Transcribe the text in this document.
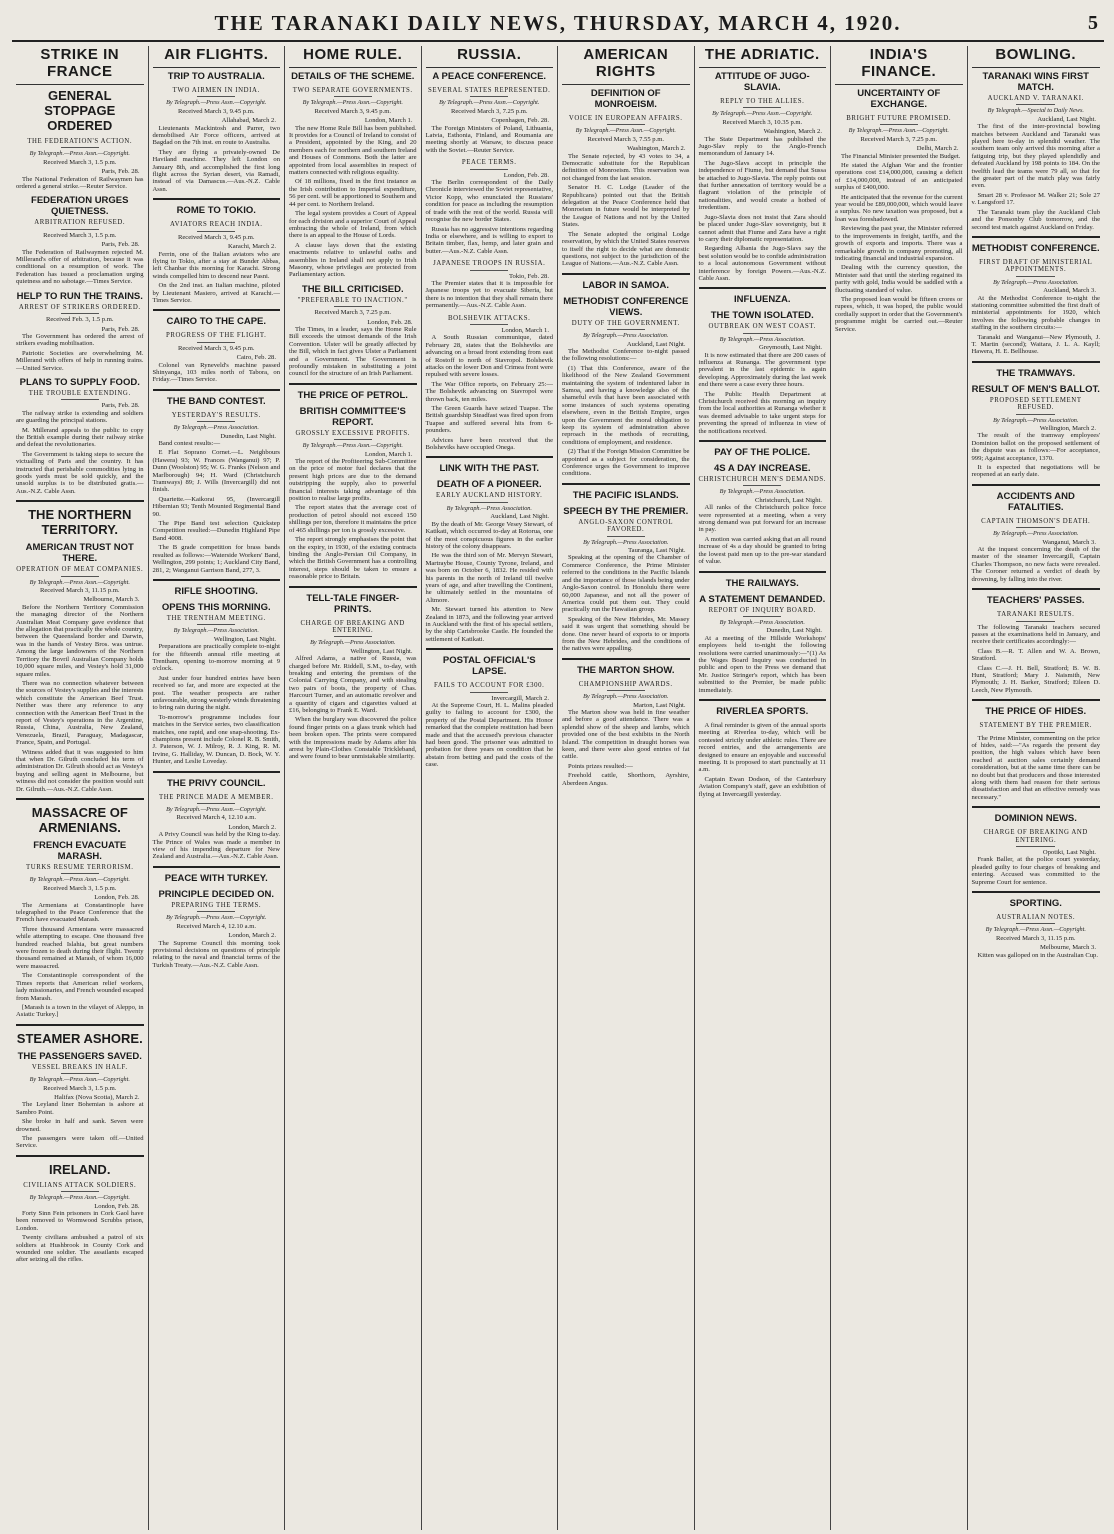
THE TARANAKI DAILY NEWS, THURSDAY, MARCH 4, 1920.	5
STRIKE IN FRANCE
GENERAL STOPPAGE ORDERED
THE FEDERATION'S ACTION.
By Telegraph.—Press Assn.—Copyright.
Received March 3, 1.5 p.m.
Paris, Feb. 28.
The National Federation of Railwaymen has ordered a general strike.—Reuter Service.
FEDERATION URGES QUIETNESS.
ARBITRATION REFUSED.
Received March 3, 1.5 p.m.
Paris, Feb. 28.
The Federation of Railwaymen rejected M. Millerand's offer of arbitration, because it was conditional on a resumption of work. The Federation has issued a proclamation urging quietness and no sabotage.—Times Service.
HELP TO RUN THE TRAINS.
ARREST OF STRIKERS ORDERED.
Received Feb. 3, 1.5 p.m.
Paris, Feb. 28.
The Government has ordered the arrest of strikers evading mobilisation.
Patriotic Societies are overwhelming M. Millerand with offers of help in running trains.—United Service.
PLANS TO SUPPLY FOOD.
THE TROUBLE EXTENDING.
Paris, Feb. 28.
The railway strike is extending and soldiers are guarding the principal stations.
M. Millerand appeals to the public to copy the British example during their railway strike and defeat the revolutionaries.
The Government is taking steps to secure the victualling of Paris and the country. It has instructed that perishable commodities lying in goods yards must be sold quickly, and the unsold surplus is to be distributed gratis.—Aus.-N.Z. Cable Assn.
THE NORTHERN TERRITORY.
AMERICAN TRUST NOT THERE.
OPERATION OF MEAT COMPANIES.
By Telegraph.—Press Assn.—Copyright.
Received March 3, 11.15 p.m.
Melbourne, March 3.
Before the Northern Territory Commission the managing director of the Northern Australian Meat Company gave evidence that the allegation that practically the whole country, between the Queensland border and Darwin, was in the hands of Vestey Bros. was untrue. Among the large landowners of the Northern Territory the Bovril Australian Company holds 10,000 square miles, and Vestey's hold 31,000 square miles.
There was no connection whatever between the sources of Vestey's supplies and the interests which constitute the American Beef Trust. Neither was there any reference to any connection with the American Beef Trust in the report of Vestey's operations in the Argentine, Russia, China, Australia, New Zealand, Venezuela, Brazil, Paraguay, Madagascar, France, Spain, and Portugal.
Witness added that it was suggested to him that when Dr. Gilruth concluded his term of administration Dr. Gilruth should act as Vestey's buying and selling agent in Melbourne, but witness did not consider the position would suit Dr. Gilruth.—Aus.-N.Z. Cable Assn.
MASSACRE OF ARMENIANS.
FRENCH EVACUATE MARASH.
TURKS RESUME TERRORISM.
By Telegraph.—Press Assn.—Copyright.
Received March 3, 1.5 p.m.
London, Feb. 28.
The Armenians at Constantinople have telegraphed to the Peace Conference that the French have evacuated Marash.
Three thousand Armenians were massacred while attempting to escape. One thousand five hundred reached Islahia, but great numbers were frozen to death during their flight. Twenty thousand remained at Marash, of whom 16,000 were massacred.
The Constantinople correspondent of the Times reports that American relief workers, lady missionaries, and French wounded escaped from Marash.
[Marash is a town in the vilayet of Aleppo, in Asiatic Turkey.]
STEAMER ASHORE.
THE PASSENGERS SAVED.
VESSEL BREAKS IN HALF.
By Telegraph.—Press Assn.—Copyright.
Received March 3, 1.5 p.m.
Halifax (Nova Scotia), March 2.
The Leyland liner Bohemian is ashore at Sambro Point.
She broke in half and sank. Seven were drowned.
The passengers were taken off.—United Service.
IRELAND.
CIVILIANS ATTACK SOLDIERS.
By Telegraph.—Press Assn.—Copyright.
London, Feb. 28.
Forty Sinn Fein prisoners in Cork Gaol have been removed to Wormwood Scrubbs prison, London.
Twenty civilians ambushed a patrol of six soldiers at Hushbrook in County Cork and wounded one soldier. The assailants escaped after seizing all the rifles.
AIR FLIGHTS.
TRIP TO AUSTRALIA.
TWO AIRMEN IN INDIA.
By Telegraph.—Press Assn.—Copyright.
Received March 3, 9.45 p.m.
Allahabad, March 2.
Lieutenants Mackintosh and Parrer, two demobilised Air Force officers, arrived at Bagdad on the 7th inst. en route to Australia.
They are flying a privately-owned De Haviland machine. They left London on January 8th, and accomplished the first long flight across the Syrian desert, via Ramadi, instead of via Damascus.—Aus.-N.Z. Cable Assn.
ROME TO TOKIO.
AVIATORS REACH INDIA.
Received March 3, 9.45 p.m.
Karachi, March 2.
Ferrin, one of the Italian aviators who are flying to Tokio, after a stay at Bunder Abbas, left Chanbar this morning for Karachi. Strong winds compelled him to descend near Pasni.
On the 2nd inst. an Italian machine, piloted by Lieutenant Masiero, arrived at Karachi.—Times Service.
CAIRO TO THE CAPE.
PROGRESS OF THE FLIGHT.
Received March 3, 9.45 p.m.
Cairo, Feb. 28.
Colonel van Ryneveld's machine passed Shinyanga, 103 miles north of Tabora, on Friday.—Times Service.
THE BAND CONTEST.
YESTERDAY'S RESULTS.
By Telegraph.—Press Association.
Dunedin, Last Night.
Band contest results:—
E Flat Soprano Cornet.—L. Neighbours (Hawera) 93; W. Frances (Wanganui) 97; P. Dunn (Woolston) 95; W. G. Franks (Nelson and Marlborough) 94; H. Ward (Christchurch Tramways) 89; J. Wills (Invercargill) did not finish.
Quartette.—Kaikorai 95, (Invercargill Hibernian 93; Tenth Mounted Regimental Band 90.
The Pipe Band test selection Quickstep Competition resulted:—Dunedin Highland Pipe Band 4008.
The B grade competition for brass bands resulted as follows:—Waterside Workers' Band, Wellington, 299 points; 1; Auckland City Band, 281, 2; Wanganui Garrison Band, 277, 3.
RIFLE SHOOTING.
OPENS THIS MORNING.
THE TRENTHAM MEETING.
By Telegraph.—Press Association.
Wellington, Last Night.
Preparations are practically complete to-night for the fifteenth annual rifle meeting at Trentham, opening to-morrow morning at 9 o'clock.
Just under four hundred entries have been received so far, and more are expected at the post. The weather prospects are rather unfavourable, strong westerly winds threatening to bring rain during the night.
To-morrow's programme includes four matches in the Service series, two classification matches, one rapid, and one snap-shooting. Ex-champions present include Colonel R. B. Smith, J. Paterson, W. J. Milroy, R. J. King, R. M. Irvine, G. Halliday, W. Duncan, D. Bock, W. Y. Hunter, and Leslie Loveday.
THE PRIVY COUNCIL.
THE PRINCE MADE A MEMBER.
By Telegraph.—Press Assn.—Copyright.
Received March 4, 12.10 a.m.
London, March 2.
A Privy Council was held by the King to-day. The Prince of Wales was made a member in view of his impending departure for New Zealand and Australia.—Aus.-N.Z. Cable Assn.
PEACE WITH TURKEY.
PRINCIPLE DECIDED ON.
PREPARING THE TERMS.
By Telegraph.—Press Assn.—Copyright.
Received March 4, 12.10 a.m.
London, March 2.
The Supreme Council this morning took provisional decisions on questions of principle relating to the naval and financial terms of the Turkish Treaty.—Aus.-N.Z. Cable Assn.
HOME RULE.
DETAILS OF THE SCHEME.
TWO SEPARATE GOVERNMENTS.
By Telegraph.—Press Assn.—Copyright.
Received March 3, 9.45 p.m.
London, March 1.
The new Home Rule Bill has been published. It provides for a Council of Ireland to consist of a President, appointed by the King, and 20 members each for northern and southern Ireland and Houses of Commons. Both the latter are appointed from local assemblies in respect of matters connected with religious equality.
Of 18 millions, fixed in the first instance as the Irish contribution to Imperial expenditure, 56 per cent. will be apportioned to Southern and 44 per cent. to Northern Ireland.
The legal system provides a Court of Appeal for each division and a superior Court of Appeal embracing the whole of Ireland, from which there is an appeal to the House of Lords.
A clause lays down that the existing enactments relative to unlawful oaths and assemblies in Ireland shall not apply to Irish Masonry, whose privileges are protected from Parliamentary action.
THE BILL CRITICISED.
"PREFERABLE TO INACTION."
Received March 3, 7.25 p.m.
London, Feb. 28.
The Times, in a leader, says the Home Rule Bill exceeds the utmost demands of the Irish Convention. Ulster will be greatly affected by the Bill, which in fact gives Ulster a Parliament and a Government. The Government is profoundly mistaken in substituting a joint council for the structure of an Irish Parliament.
THE PRICE OF PETROL.
BRITISH COMMITTEE'S REPORT.
GROSSLY EXCESSIVE PROFITS.
By Telegraph.—Press Assn.—Copyright.
London, March 1.
The report of the Profiteering Sub-Committee on the price of motor fuel declares that the present high prices are due to the demand outstripping the supply, also to powerful financial interests taking advantage of this position to realise large profits.
The report states that the average cost of production of petrol should not exceed 150 shillings per ton, therefore it maintains the price of 465 shillings per ton is grossly excessive.
The report strongly emphasises the point that on the expiry, in 1930, of the existing contracts binding the Anglo-Persian Oil Company, in which the British Government has a controlling interest, steps should be taken to ensure a reasonable price to Britain.
TELL-TALE FINGER-PRINTS.
CHARGE OF BREAKING AND ENTERING.
By Telegraph.—Press Association.
Wellington, Last Night.
Alfred Adams, a native of Russia, was charged before Mr. Riddell, S.M., to-day, with breaking and entering the premises of the Colonial Carrying Company, and with stealing two pairs of boots, the property of Chas. Harcourt Turner, and an automatic revolver and a quantity of cigars and cigarettes valued at £16, belonging to Frank E. Ward.
When the burglary was discovered the police found finger prints on a glass trunk which had been broken open. The prints were compared with the impressions made by Adams after his arrest by Plain-Clothes Constable Trickleband, and were found to bear unmistakable similarity.
RUSSIA.
A PEACE CONFERENCE.
SEVERAL STATES REPRESENTED.
By Telegraph.—Press Assn.—Copyright.
Received March 3, 7.25 p.m.
Copenhagen, Feb. 28.
The Foreign Ministers of Poland, Lithuania, Latvia, Esthonia, Finland, and Roumania are meeting shortly at Warsaw, to discuss peace with the Soviet.—Reuter Service.
PEACE TERMS.
London, Feb. 28.
The Berlin correspondent of the Daily Chronicle interviewed the Soviet representative, Victor Kopp, who enunciated the Russians' condition for peace as including the resumption of trade with the rest of the world. Russia will recognise the new border States.
Russia has no aggressive intentions regarding India or elsewhere, and is willing to export to Britain timber, flax, hemp, and later grain and butter.—Aus.-N.Z. Cable Assn.
JAPANESE TROOPS IN RUSSIA.
Tokio, Feb. 28.
The Premier states that it is impossible for Japanese troops yet to evacuate Siberia, but there is no intention that they shall remain there permanently.—Aus.-N.Z. Cable Assn.
BOLSHEVIK ATTACKS.
London, March 1.
A South Russian communique, dated February 28, states that the Bolsheviks are advancing on a broad front extending from east of Rostoff to north of Stavropol. Bolshevik attacks on the lower Don and Crimea front were repulsed with severe losses.
The War Office reports, on February 25:—The Bolshevik advancing on Stavropol were thrown back, ten miles.
The Green Guards have seized Tuapse. The British guardship Steadfast was fired upon from Tuapse and suffered several hits from 6-pounders.
Advices have been received that the Bolsheviks have occupied Onega.
LINK WITH THE PAST.
DEATH OF A PIONEER.
EARLY AUCKLAND HISTORY.
By Telegraph.—Press Association.
Auckland, Last Night.
By the death of Mr. George Vesey Stewart, of Katikati, which occurred to-day at Rotorua, one of the most conspicuous figures in the earlier history of the colony disappears.
He was the third son of Mr. Mervyn Stewart, Martraybe House, County Tyrone, Ireland, and was born on October 6, 1832. He resided with his parents in the north of Ireland till twelve years of age, and after travelling the Continent, he ultimately settled in the mountains of Altmore.
Mr. Stewart turned his attention to New Zealand in 1873, and the following year arrived in Auckland with the first of his special settlers, by the ship Carisbrooke Castle. He founded the settlement of Katikati.
POSTAL OFFICIAL'S LAPSE.
FAILS TO ACCOUNT FOR £300.
Invercargill, March 2.
At the Supreme Court, H. L. Malins pleaded guilty to failing to account for £300, the property of the Postal Department. His Honor remarked that the complete restitution had been made and that the accused's previous character had been good. The prisoner was admitted to probation for three years on condition that he abstain from betting and paid the costs of the case.
AMERICAN RIGHTS
DEFINITION OF MONROEISM.
VOICE IN EUROPEAN AFFAIRS.
By Telegraph.—Press Assn.—Copyright.
Received March 3, 7.55 p.m.
Washington, March 2.
The Senate rejected, by 43 votes to 34, a Democratic substitute for the Republican definition of Monroeism. This reservation was not changed from the last session.
Senator H. C. Lodge (Leader of the Republicans) pointed out that the British delegation at the Peace Conference held that Monroeism in future would be interpreted by the League of Nations and not by the United States.
The Senate adopted the original Lodge reservation, by which the United States reserves to itself the right to decide what are domestic questions, not subject to the jurisdiction of the League of Nations.—Aus.-N.Z. Cable Assn.
LABOR IN SAMOA.
METHODIST CONFERENCE VIEWS.
DUTY OF THE GOVERNMENT.
By Telegraph.—Press Association.
Auckland, Last Night.
The Methodist Conference to-night passed the following resolutions:—
(1) That this Conference, aware of the likelihood of the New Zealand Government maintaining the system of indentured labor in Samoa, and having a knowledge also of the shameful evils that have been associated with some instances of such systems operating elsewhere, even in the British Empire, urges upon the Government the moral obligation to keep its system of administration above reproach in the methods of recruiting, conditions of employment, and residence.
(2) That if the Foreign Mission Committee be appointed as a subject for consideration, the Conference urges the Government to improve conditions.
THE PACIFIC ISLANDS.
SPEECH BY THE PREMIER.
ANGLO-SAXON CONTROL FAVORED.
By Telegraph.—Press Association.
Tauranga, Last Night.
Speaking at the opening of the Chamber of Commerce Conference, the Prime Minister referred to the conditions in the Pacific Islands and the importance of those islands being under Anglo-Saxon control. In Honolulu there were 60,000 Japanese, and not all the power of America could put them out. They could practically run the Hawaiian group.
Speaking of the New Hebrides, Mr. Massey said it was urgent that something should be done. One never heard of exports to or imports from the New Hebrides, and the conditions of the natives were appalling.
THE MARTON SHOW.
CHAMPIONSHIP AWARDS.
By Telegraph.—Press Association.
Marton, Last Night.
The Marton show was held in fine weather and before a good attendance. There was a splendid show of the sheep and lambs, which provided one of the best exhibits in the North Island. The competition in draught horses was keen, and there were also good entries of fat cattle.
Points prizes resulted:—
Freehold cattle, Shorthorn, Ayrshire, Aberdeen Angus.
THE ADRIATIC.
ATTITUDE OF JUGO-SLAVIA.
REPLY TO THE ALLIES.
By Telegraph.—Press Assn.—Copyright.
Received March 3, 10.35 p.m.
Washington, March 2.
The State Department has published the Jugo-Slav reply to the Anglo-French memorandum of January 14.
The Jugo-Slavs accept in principle the independence of Fiume, but demand that Sussa be attached to Jugo-Slavia. The reply points out that further annexation of territory would be a flagrant violation of the principle of nationalities, and would create a hotbed of irredentism.
Jugo-Slavia does not insist that Zara should be placed under Jugo-Slav sovereignty, but it cannot admit that Fiume and Zara have a right to carry their diplomatic representation.
Regarding Albania the Jugo-Slavs say the best solution would be to confide administration to a local autonomous Government without interference by foreign Powers.—Aus.-N.Z. Cable Assn.
INFLUENZA.
THE TOWN ISOLATED.
OUTBREAK ON WEST COAST.
By Telegraph.—Press Association.
Greymouth, Last Night.
It is now estimated that there are 200 cases of influenza at Runanga. The government type prevalent in the last epidemic is again developing. Approximately during the last week end there were a case every three hours.
The Public Health Department at Christchurch received this morning an inquiry from the local authorities at Runanga whether it was deemed advisable to take urgent steps for preventing the spread of influenza in view of the notifications received.
PAY OF THE POLICE.
4S A DAY INCREASE.
CHRISTCHURCH MEN'S DEMANDS.
By Telegraph.—Press Association.
Christchurch, Last Night.
All ranks of the Christchurch police force were represented at a meeting, when a very strong demand was put forward for an increase in pay.
A motion was carried asking that an all round increase of 4s a day should be granted to bring the lowest paid men up to the pre-war standard of value.
THE RAILWAYS.
A STATEMENT DEMANDED.
REPORT OF INQUIRY BOARD.
By Telegraph.—Press Association.
Dunedin, Last Night.
At a meeting of the Hillside Workshops' employees held to-night the following resolutions were carried unanimously:—"(1) As the Wages Board Inquiry was conducted in public and open to the Press we demand that Mr. Justice Stringer's report, which has been submitted to the Premier, be made public immediately.
RIVERLEA SPORTS.
A final reminder is given of the annual sports meeting at Riverlea to-day, which will be contested strictly under athletic rules. There are record entries, and the arrangements are designed to ensure an enjoyable and successful meeting. It is proposed to start punctually at 11 a.m.
Captain Ewan Dodson, of the Canterbury Aviation Company's staff, gave an exhibition of flying at Invercargill yesterday.
INDIA'S FINANCE.
UNCERTAINTY OF EXCHANGE.
BRIGHT FUTURE PROMISED.
By Telegraph.—Press Assn.—Copyright.
Received March 3, 7.25 p.m.
Delhi, March 2.
The Financial Minister presented the Budget.
He stated the Afghan War and the frontier operations cost £14,000,000, causing a deficit of £14,000,000, instead of an anticipated surplus of £400,000.
He anticipated that the revenue for the current year would be £89,000,000, which would leave a surplus. No new taxation was proposed, but a loan was foreshadowed.
Reviewing the past year, the Minister referred to the improvements in freight, tariffs, and the growth of exports and imports. There was a remarkable growth in company promoting, all indicating financial and industrial expansion.
Dealing with the currency question, the Minister said that until the sterling regained its parity with gold, India would be saddled with a fluctuating standard of value.
The proposed loan would be fifteen crores or rupees, which, it was hoped, the public would cordially support in order that the Government's programme might be carried out.—Reuter Service.
BOWLING.
TARANAKI WINS FIRST MATCH.
AUCKLAND V. TARANAKI.
By Telegraph.—Special to Daily News.
Auckland, Last Night.
The first of the inter-provincial bowling matches between Auckland and Taranaki was played here to-day in splendid weather. The southern team only arrived this morning after a fatiguing trip, but they played splendidly and defeated Auckland by 198 points to 184. On the twelfth lead the teams were 79 all, so that for the greater part of the match play was fairly even.
Smart 28 v. Professor M. Walker 21; Sole 27 v. Langsford 17.
The Taranaki team play the Auckland Club and the Ponsonby Club tomorrow, and the second test match against Auckland on Friday.
METHODIST CONFERENCE.
FIRST DRAFT OF MINISTERIAL APPOINTMENTS.
By Telegraph.—Press Association.
Auckland, March 3.
At the Methodist Conference to-night the stationing committee submitted the first draft of ministerial appointments for 1920, which involves the following probable changes in staffing in the southern circuits:—
Taranaki and Wanganui—New Plymouth, J. T. Martin (second); Waitara, J. L. A. Kayll; Hawera, H. E. Bellhouse.
THE TRAMWAYS.
RESULT OF MEN'S BALLOT.
PROPOSED SETTLEMENT REFUSED.
By Telegraph.—Press Association.
Wellington, March 2.
The result of the tramway employees' Dominion ballot on the proposed settlement of the dispute was as follows:—For acceptance, 999; Against acceptance, 1370.
It is expected that negotiations will be reopened at an early date.
ACCIDENTS AND FATALITIES.
CAPTAIN THOMSON'S DEATH.
By Telegraph.—Press Association.
Wanganui, March 3.
At the inquest concerning the death of the master of the steamer Invercargill, Captain Charles Thompson, no new facts were revealed. The Coroner returned a verdict of death by drowning, by falling into the river.
TEACHERS' PASSES.
TARANAKI RESULTS.
The following Taranaki teachers secured passes at the examinations held in January, and receive their certificates accordingly:—
Class B.—R. T. Allen and W. A. Brown, Stratford.
Class C.—J. H. Bell, Stratford; B. W. B. Hunt, Stratford; Mary J. Naismith, New Plymouth; J. H. Barker, Stratford; Eileen D. Leech, New Plymouth.
THE PRICE OF HIDES.
STATEMENT BY THE PREMIER.
The Prime Minister, commenting on the price of hides, said:—"As regards the present day position, the high values which have been reached at auction sales certainly demand consideration, but at the same time there can be no doubt but that producers and those interested along with them had reason for their serious dissatisfaction and that an effective remedy was necessary."
DOMINION NEWS.
CHARGE OF BREAKING AND ENTERING.
Opotiki, Last Night.
Frank Baller, at the police court yesterday, pleaded guilty to four charges of breaking and entering. Accused was committed to the Supreme Court for sentence.
SPORTING.
AUSTRALIAN NOTES.
By Telegraph.—Press Assn.—Copyright.
Received March 3, 11.15 p.m.
Melbourne, March 3.
Kitten was galloped on in the Australian Cup.
